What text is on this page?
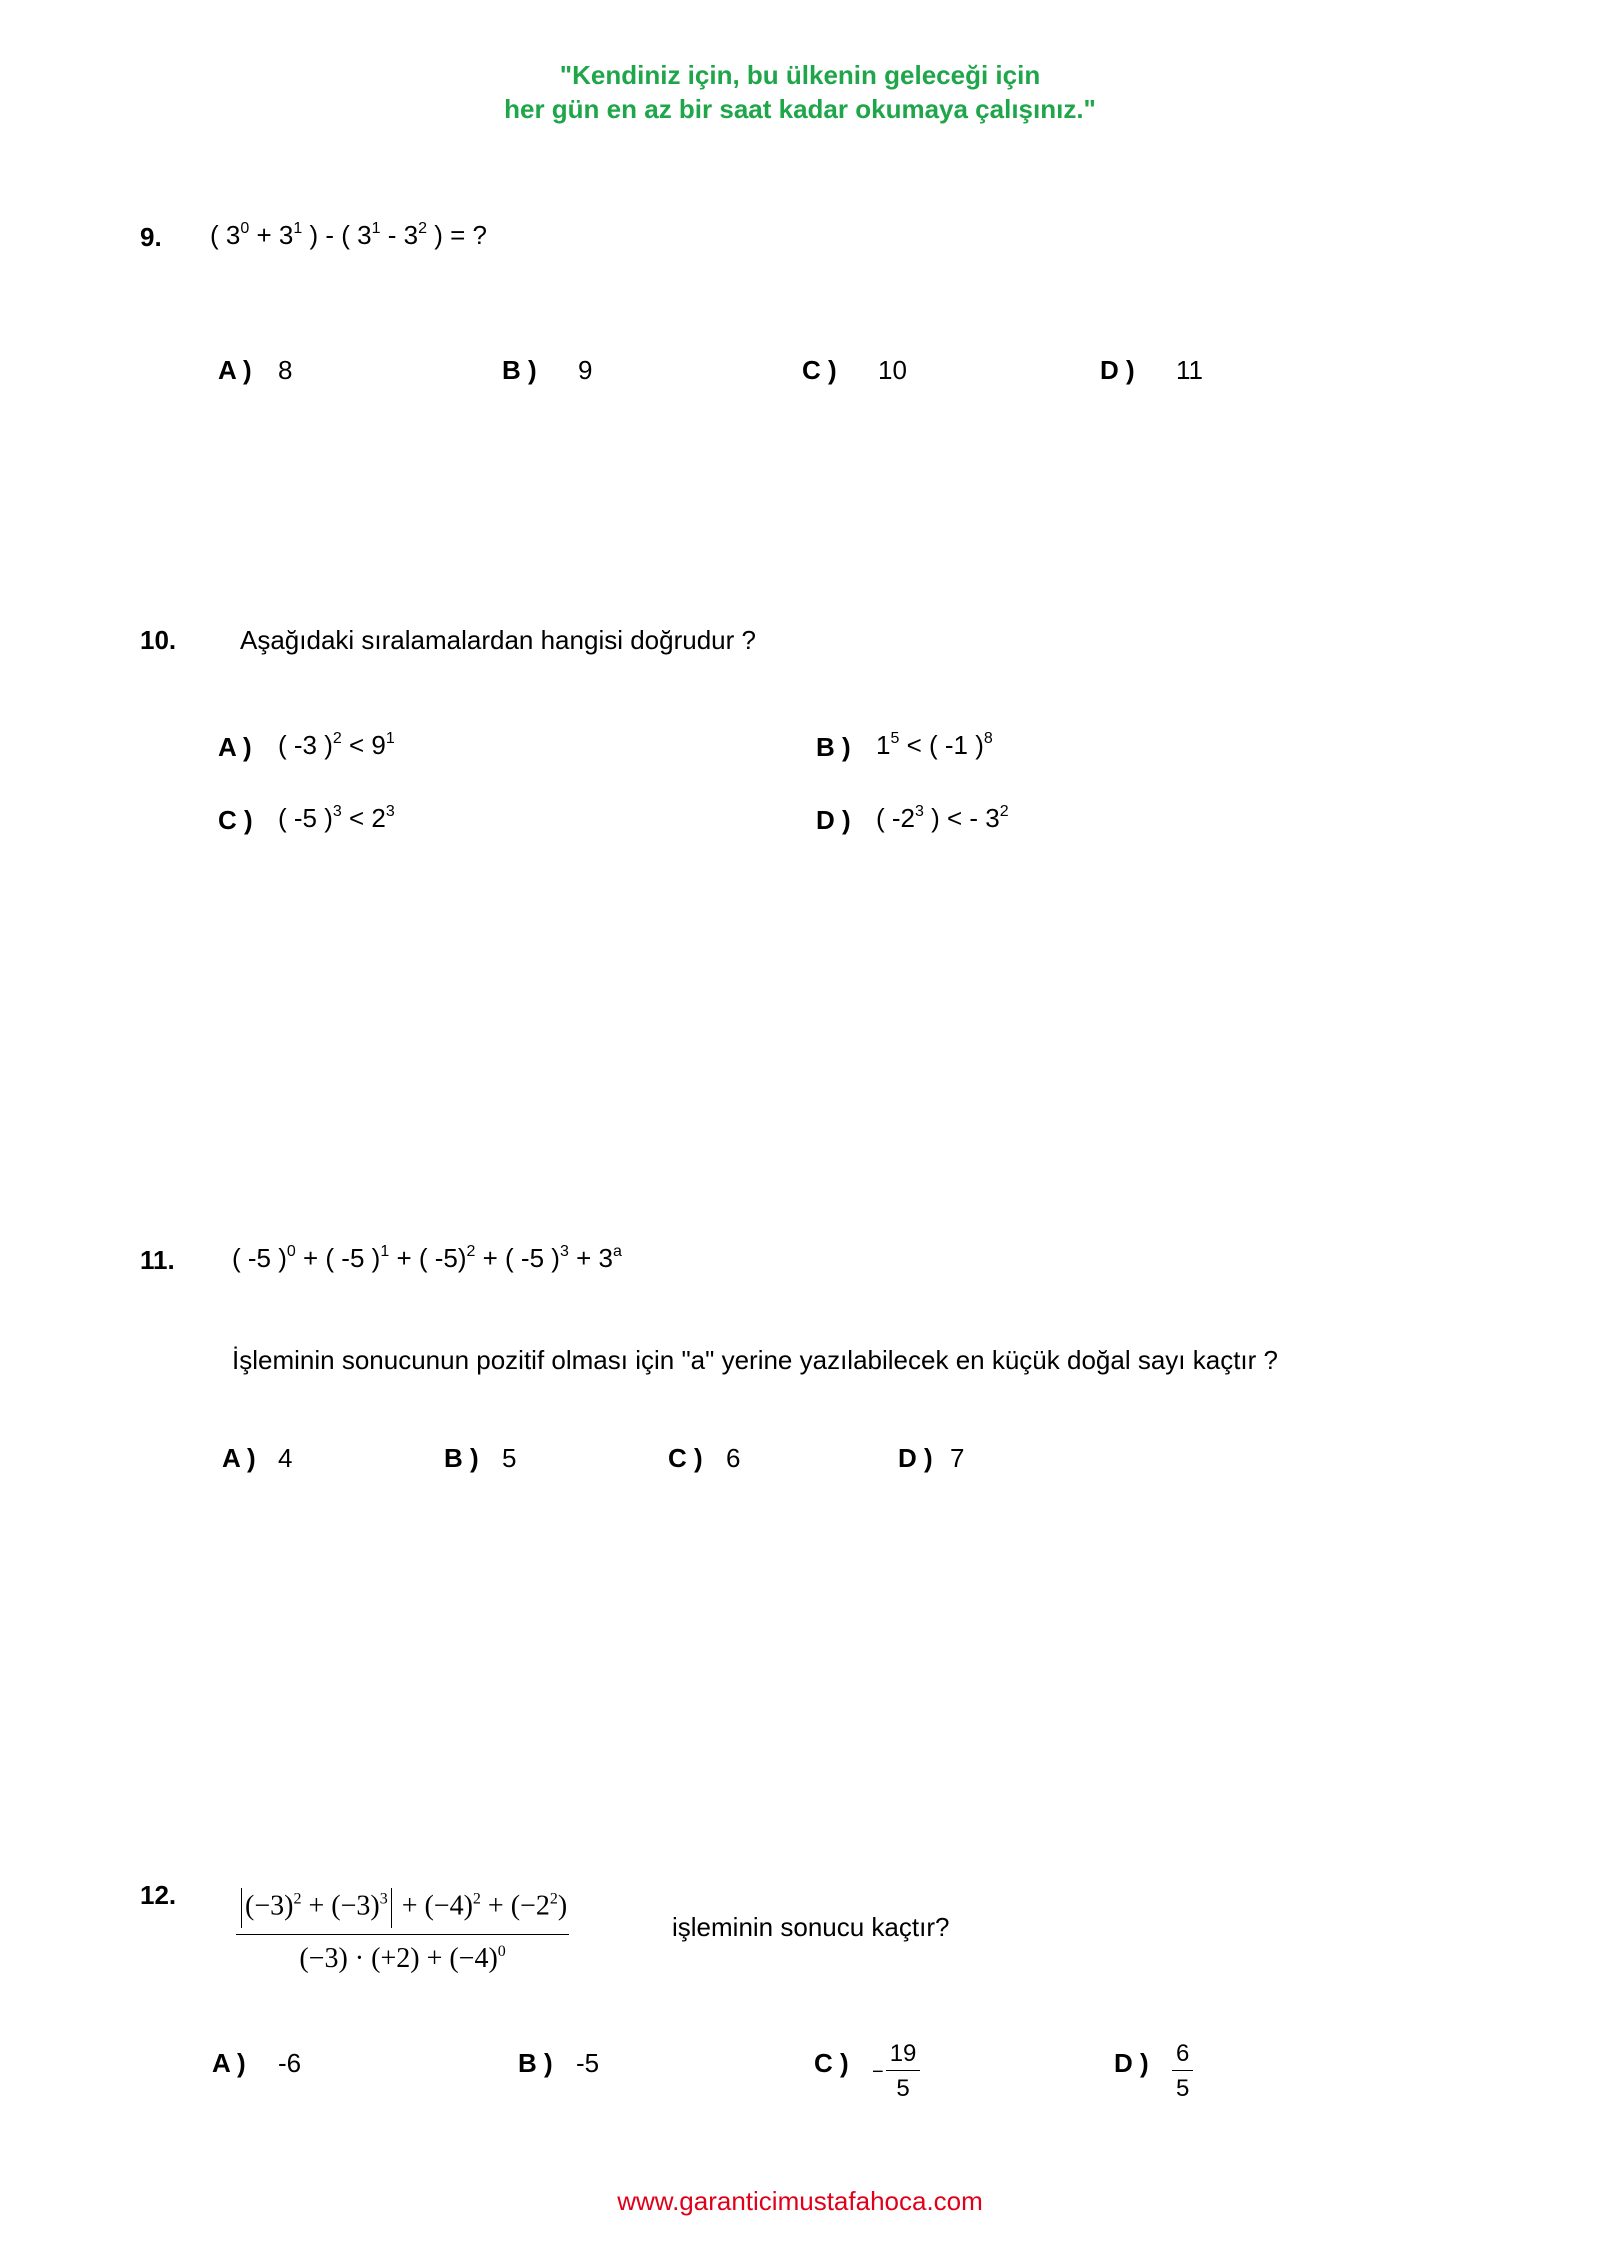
"Kendiniz için, bu ülkenin geleceği için
her gün en az bir saat kadar okumaya çalışınız."
9. ( $3^0 + 3^1$ ) - ( $3^1 - 3^2$ ) = ?
A ) 8	B ) 9	C ) 10	D ) 11
10. Aşağıdaki sıralamalardan hangisi doğrudur ?
A ) ( -3 )$^2 < 9^1$	B ) $1^5$ < ( -1 )$^8$
C ) ( -5 )$^3 < 2^3$	D ) ( $-2^3$ ) < - $3^2$
11. ( -5 )$^0$ + ( -5 )$^1$ + ( -5)$^2$ + ( -5 )$^3 + 3^a$
İşleminin sonucunun pozitif olması için "a" yerine yazılabilecek en küçük doğal sayı kaçtır ?
A ) 4	B ) 5	C ) 6	D ) 7
12. $\frac{(-3)^2 + (-3)^3 + (-4)^2 + (-2^2)}{(-3) \cdot (+2) + (-4)^0}$	işleminin sonucu kaçtır?
A ) -6	B ) -5	C ) − $\frac{19}{5}$	D ) $\frac{6}{5}$
www.garanticimustafahoca.com
